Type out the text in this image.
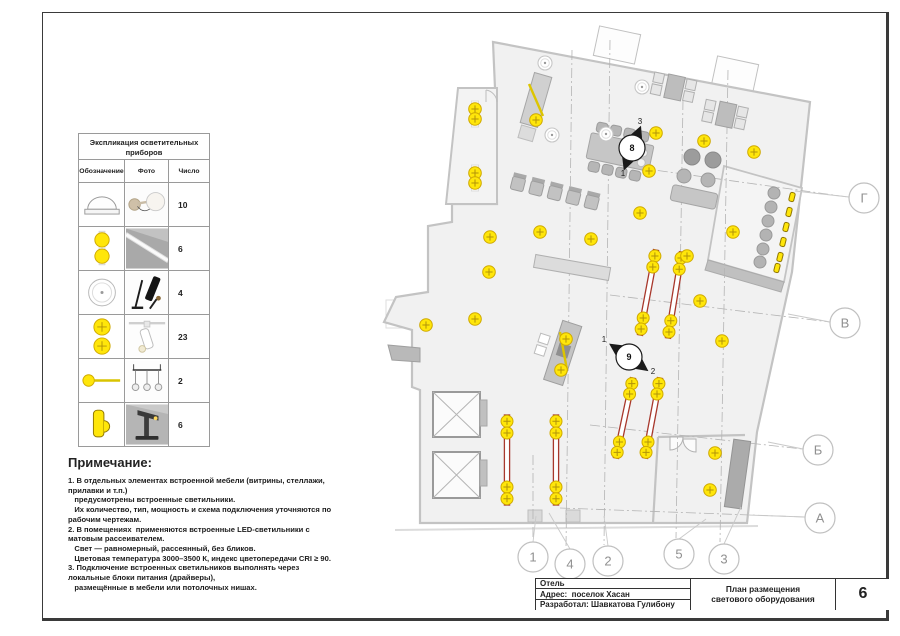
Экспликация осветительных приборов
Обозначение	Фото	Число
10
6
4
23
2
6
Примечание:
1. В отдельных элементах встроенной мебели (витрины, стеллажи,
прилавки и т.п.)
предусмотрены встроенные светильники.
Их количество, тип, мощность и схема подключения уточняются по
рабочим чертежам.
2. В помещениях  применяются встроенные LED-светильники с
матовым рассеивателем.
Свет — равномерный, рассеянный, без бликов.
Цветовая температура 3000–3500 К, индекс цветопередачи CRI ≥ 90.
3. Подключение встроенных светильников выполнять через
локальные блоки питания (драйверы),
размещённые в мебели или потолочных нишах.
8
3
1
9
1
2
1 4 2	5	3
Г
В
Б
А
Отель
Адрес:  поселок Хасан
Разработал: Шавкатова Гулибону
План размещения светового оборудования	6
